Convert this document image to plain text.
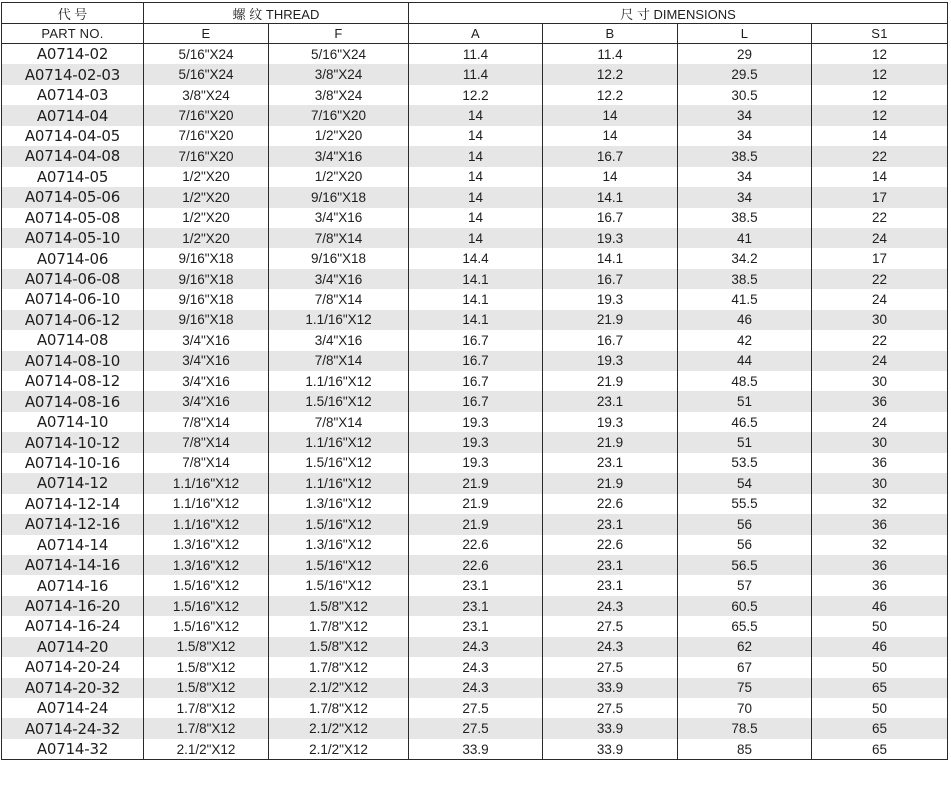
代 号	螺 纹 THREAD		尺 寸 DIMENSIONS			
PART NO.	E	F	A	B	L	S1
A0714-02	5/16"X24	5/16"X24	11.4	11.4	29	12
A0714-02-03	5/16"X24	3/8"X24	11.4	12.2	29.5	12
A0714-03	3/8"X24	3/8"X24	12.2	12.2	30.5	12
A0714-04	7/16"X20	7/16"X20	14	14	34	12
A0714-04-05	7/16"X20	1/2"X20	14	14	34	14
A0714-04-08	7/16"X20	3/4"X16	14	16.7	38.5	22
A0714-05	1/2"X20	1/2"X20	14	14	34	14
A0714-05-06	1/2"X20	9/16"X18	14	14.1	34	17
A0714-05-08	1/2"X20	3/4"X16	14	16.7	38.5	22
A0714-05-10	1/2"X20	7/8"X14	14	19.3	41	24
A0714-06	9/16"X18	9/16"X18	14.4	14.1	34.2	17
A0714-06-08	9/16"X18	3/4"X16	14.1	16.7	38.5	22
A0714-06-10	9/16"X18	7/8"X14	14.1	19.3	41.5	24
A0714-06-12	9/16"X18	1.1/16"X12	14.1	21.9	46	30
A0714-08	3/4"X16	3/4"X16	16.7	16.7	42	22
A0714-08-10	3/4"X16	7/8"X14	16.7	19.3	44	24
A0714-08-12	3/4"X16	1.1/16"X12	16.7	21.9	48.5	30
A0714-08-16	3/4"X16	1.5/16"X12	16.7	23.1	51	36
A0714-10	7/8"X14	7/8"X14	19.3	19.3	46.5	24
A0714-10-12	7/8"X14	1.1/16"X12	19.3	21.9	51	30
A0714-10-16	7/8"X14	1.5/16"X12	19.3	23.1	53.5	36
A0714-12	1.1/16"X12	1.1/16"X12	21.9	21.9	54	30
A0714-12-14	1.1/16"X12	1.3/16"X12	21.9	22.6	55.5	32
A0714-12-16	1.1/16"X12	1.5/16"X12	21.9	23.1	56	36
A0714-14	1.3/16"X12	1.3/16"X12	22.6	22.6	56	32
A0714-14-16	1.3/16"X12	1.5/16"X12	22.6	23.1	56.5	36
A0714-16	1.5/16"X12	1.5/16"X12	23.1	23.1	57	36
A0714-16-20	1.5/16"X12	1.5/8"X12	23.1	24.3	60.5	46
A0714-16-24	1.5/16"X12	1.7/8"X12	23.1	27.5	65.5	50
A0714-20	1.5/8"X12	1.5/8"X12	24.3	24.3	62	46
A0714-20-24	1.5/8"X12	1.7/8"X12	24.3	27.5	67	50
A0714-20-32	1.5/8"X12	2.1/2"X12	24.3	33.9	75	65
A0714-24	1.7/8"X12	1.7/8"X12	27.5	27.5	70	50
A0714-24-32	1.7/8"X12	2.1/2"X12	27.5	33.9	78.5	65
A0714-32	2.1/2"X12	2.1/2"X12	33.9	33.9	85	65
